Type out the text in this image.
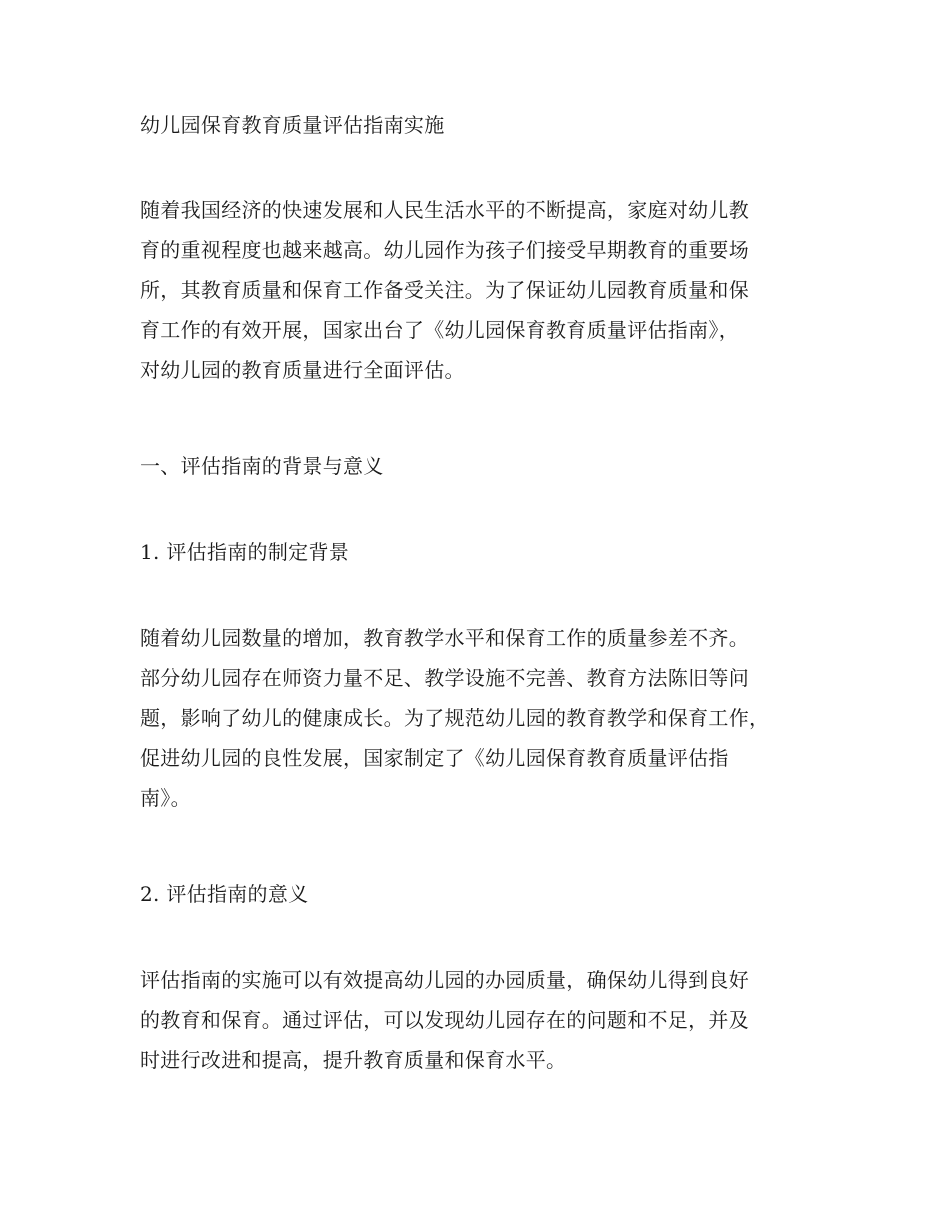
幼儿园保育教育质量评估指南实施
随着我国经济的快速发展和人民生活水平的不断提高，家庭对幼儿教
育的重视程度也越来越高。幼儿园作为孩子们接受早期教育的重要场
所，其教育质量和保育工作备受关注。为了保证幼儿园教育质量和保
育工作的有效开展，国家出台了《幼儿园保育教育质量评估指南》，
对幼儿园的教育质量进行全面评估。
一、评估指南的背景与意义
1. 评估指南的制定背景
随着幼儿园数量的增加，教育教学水平和保育工作的质量参差不齐。
部分幼儿园存在师资力量不足、教学设施不完善、教育方法陈旧等问
题，影响了幼儿的健康成长。为了规范幼儿园的教育教学和保育工作，
促进幼儿园的良性发展，国家制定了《幼儿园保育教育质量评估指
南》。
2. 评估指南的意义
评估指南的实施可以有效提高幼儿园的办园质量，确保幼儿得到良好
的教育和保育。通过评估，可以发现幼儿园存在的问题和不足，并及
时进行改进和提高，提升教育质量和保育水平。
